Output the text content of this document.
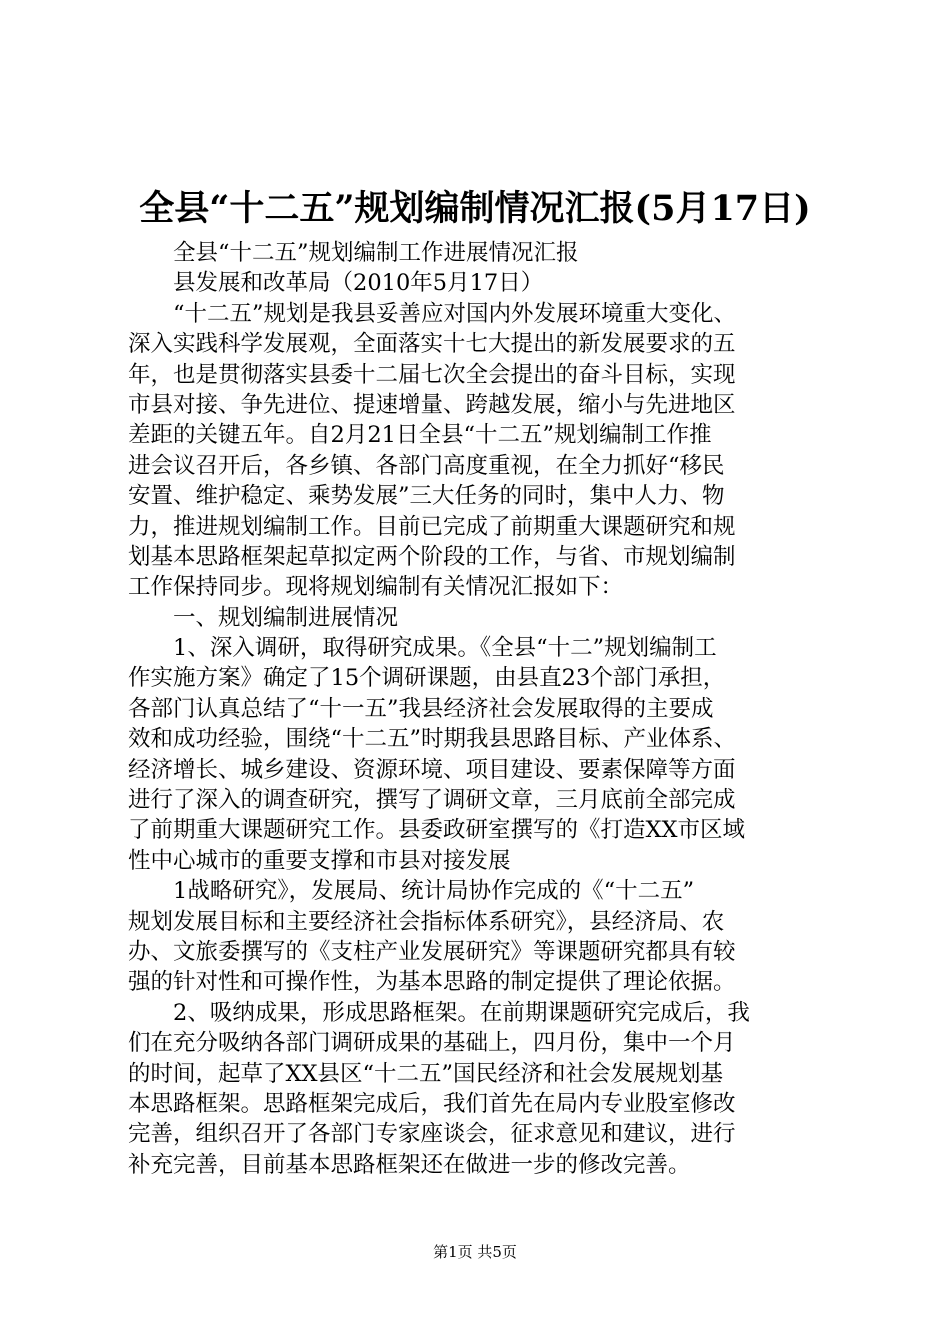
全县“十二五”规划编制情况汇报(5月17日)
全县“十二五”规划编制工作进展情况汇报
县发展和改革局（2010年5月17日）
“十二五”规划是我县妥善应对国内外发展环境重大变化、
深入实践科学发展观，全面落实十七大提出的新发展要求的五
年，也是贯彻落实县委十二届七次全会提出的奋斗目标，实现
市县对接、争先进位、提速增量、跨越发展，缩小与先进地区
差距的关键五年。自2月21日全县“十二五”规划编制工作推
进会议召开后，各乡镇、各部门高度重视，在全力抓好“移民
安置、维护稳定、乘势发展”三大任务的同时，集中人力、物
力，推进规划编制工作。目前已完成了前期重大课题研究和规
划基本思路框架起草拟定两个阶段的工作，与省、市规划编制
工作保持同步。现将规划编制有关情况汇报如下：
一、规划编制进展情况
1、深入调研，取得研究成果。《全县“十二”规划编制工
作实施方案》确定了15个调研课题，由县直23个部门承担，
各部门认真总结了“十一五”我县经济社会发展取得的主要成
效和成功经验，围绕“十二五”时期我县思路目标、产业体系、
经济增长、城乡建设、资源环境、项目建设、要素保障等方面
进行了深入的调查研究，撰写了调研文章，三月底前全部完成
了前期重大课题研究工作。县委政研室撰写的《打造XX市区域
性中心城市的重要支撑和市县对接发展
1战略研究》，发展局、统计局协作完成的《“十二五”
规划发展目标和主要经济社会指标体系研究》，县经济局、农
办、文旅委撰写的《支柱产业发展研究》等课题研究都具有较
强的针对性和可操作性，为基本思路的制定提供了理论依据。
2、吸纳成果，形成思路框架。在前期课题研究完成后，我
们在充分吸纳各部门调研成果的基础上，四月份，集中一个月
的时间，起草了XX县区“十二五”国民经济和社会发展规划基
本思路框架。思路框架完成后，我们首先在局内专业股室修改
完善，组织召开了各部门专家座谈会，征求意见和建议，进行
补充完善，目前基本思路框架还在做进一步的修改完善。
第1页 共5页
